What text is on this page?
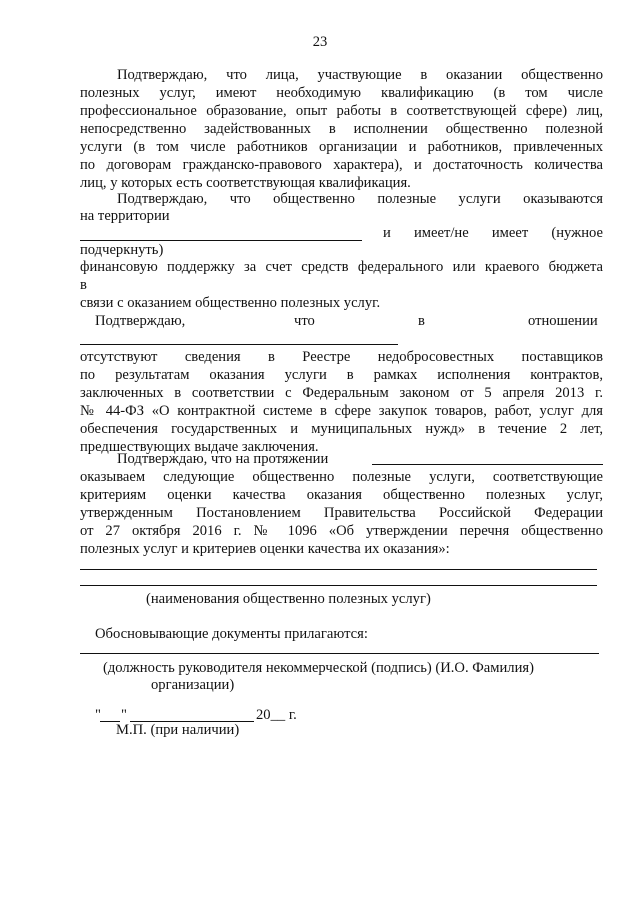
23
Подтверждаю, что лица, участвующие в оказании общественно
полезных услуг, имеют необходимую квалификацию (в том числе
профессиональное образование, опыт работы в соответствующей сфере) лиц,
непосредственно задействованных в исполнении общественно полезной
услуги (в том числе работников организации и работников, привлеченных
по договорам гражданско-правового характера), и достаточность количества
лиц, у которых есть соответствующая квалификация.
Подтверждаю, что общественно полезные услуги оказываются
на территории
и имеет/не имеет (нужное
подчеркнуть)
финансовую поддержку за счет средств федерального или краевого бюджета
в
связи с оказанием общественно полезных услуг.
Подтверждаю,	что	в	отношении
отсутствуют сведения в Реестре недобросовестных поставщиков
по результатам оказания услуги в рамках исполнения контрактов,
заключенных в соответствии с Федеральным законом от 5 апреля 2013 г.
№ 44-ФЗ «О контрактной системе в сфере закупок товаров, работ, услуг для
обеспечения государственных и муниципальных нужд» в течение 2 лет,
предшествующих выдаче заключения.
Подтверждаю, что на протяжении
оказываем следующие общественно полезные услуги, соответствующие
критериям оценки качества оказания общественно полезных услуг,
утвержденным Постановлением Правительства Российской Федерации
от 27 октября 2016 г. № 1096 «Об утверждении перечня общественно
полезных услуг и критериев оценки качества их оказания»:
(наименования общественно полезных услуг)
Обосновывающие документы прилагаются:
(должность руководителя некоммерческой (подпись) (И.О. Фамилия)
организации)
" "	20__ г.
М.П. (при наличии)
